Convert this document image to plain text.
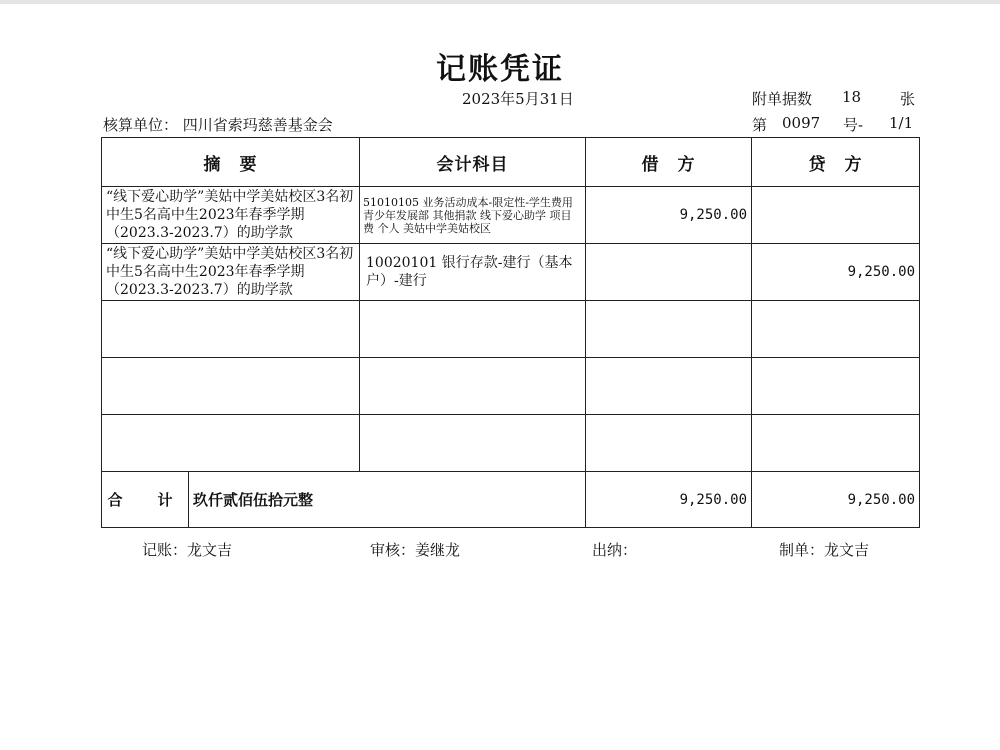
记账凭证
2023年5月31日
核算单位： 四川省索玛慈善基金会
附单据数 18	张
第 0097 号- 1/1
摘　要	会计科目	借　方	贷　方
“线下爱心助学”美姑中学美姑校区3名初中生5名高中生2023年春季学期（2023.3-2023.7）的助学款	51010105 业务活动成本-限定性-学生费用 青少年发展部 其他捐款 线下爱心助学 项目费 个人 美姑中学美姑校区	9,250.00	
“线下爱心助学”美姑中学美姑校区3名初中生5名高中生2023年春季学期（2023.3-2023.7）的助学款	10020101 银行存款-建行（基本户）-建行		9,250.00

合　计 玖仟贰佰伍拾元整		9,250.00	9,250.00
记账：龙文吉	审核：姜继龙	出纳：	制单：龙文吉
